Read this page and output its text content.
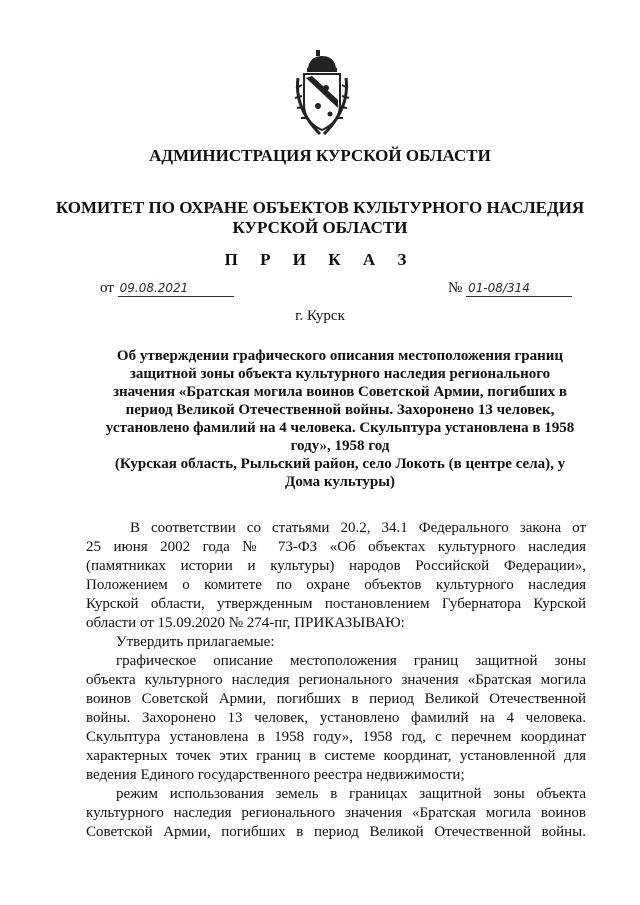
АДМИНИСТРАЦИЯ КУРСКОЙ ОБЛАСТИ
КОМИТЕТ ПО ОХРАНЕ ОБЪЕКТОВ КУЛЬТУРНОГО НАСЛЕДИЯ
КУРСКОЙ ОБЛАСТИ
П Р И К А З
от 09.08.2021	№ 01-08/314
г. Курск
Об утверждении графического описания местоположения границ
защитной зоны объекта культурного наследия регионального
значения «Братская могила воинов Советской Армии, погибших в
период Великой Отечественной войны. Захоронено 13 человек,
установлено фамилий на 4 человека. Скульптура установлена в 1958
году», 1958 год
(Курская область, Рыльский район, село Локоть (в центре села), у
Дома культуры)
В соответствии со статьями 20.2, 34.1 Федерального закона от
25 июня 2002 года № 73-ФЗ «Об объектах культурного наследия
(памятниках истории и культуры) народов Российской Федерации»,
Положением о комитете по охране объектов культурного наследия
Курской области, утвержденным постановлением Губернатора Курской
области от 15.09.2020 № 274-пг, ПРИКАЗЫВАЮ:
Утвердить прилагаемые:
графическое описание местоположения границ защитной зоны
объекта культурного наследия регионального значения «Братская могила
воинов Советской Армии, погибших в период Великой Отечественной
войны. Захоронено 13 человек, установлено фамилий на 4 человека.
Скульптура установлена в 1958 году», 1958 год, с перечнем координат
характерных точек этих границ в системе координат, установленной для
ведения Единого государственного реестра недвижимости;
режим использования земель в границах защитной зоны объекта
культурного наследия регионального значения «Братская могила воинов
Советской Армии, погибших в период Великой Отечественной войны.
